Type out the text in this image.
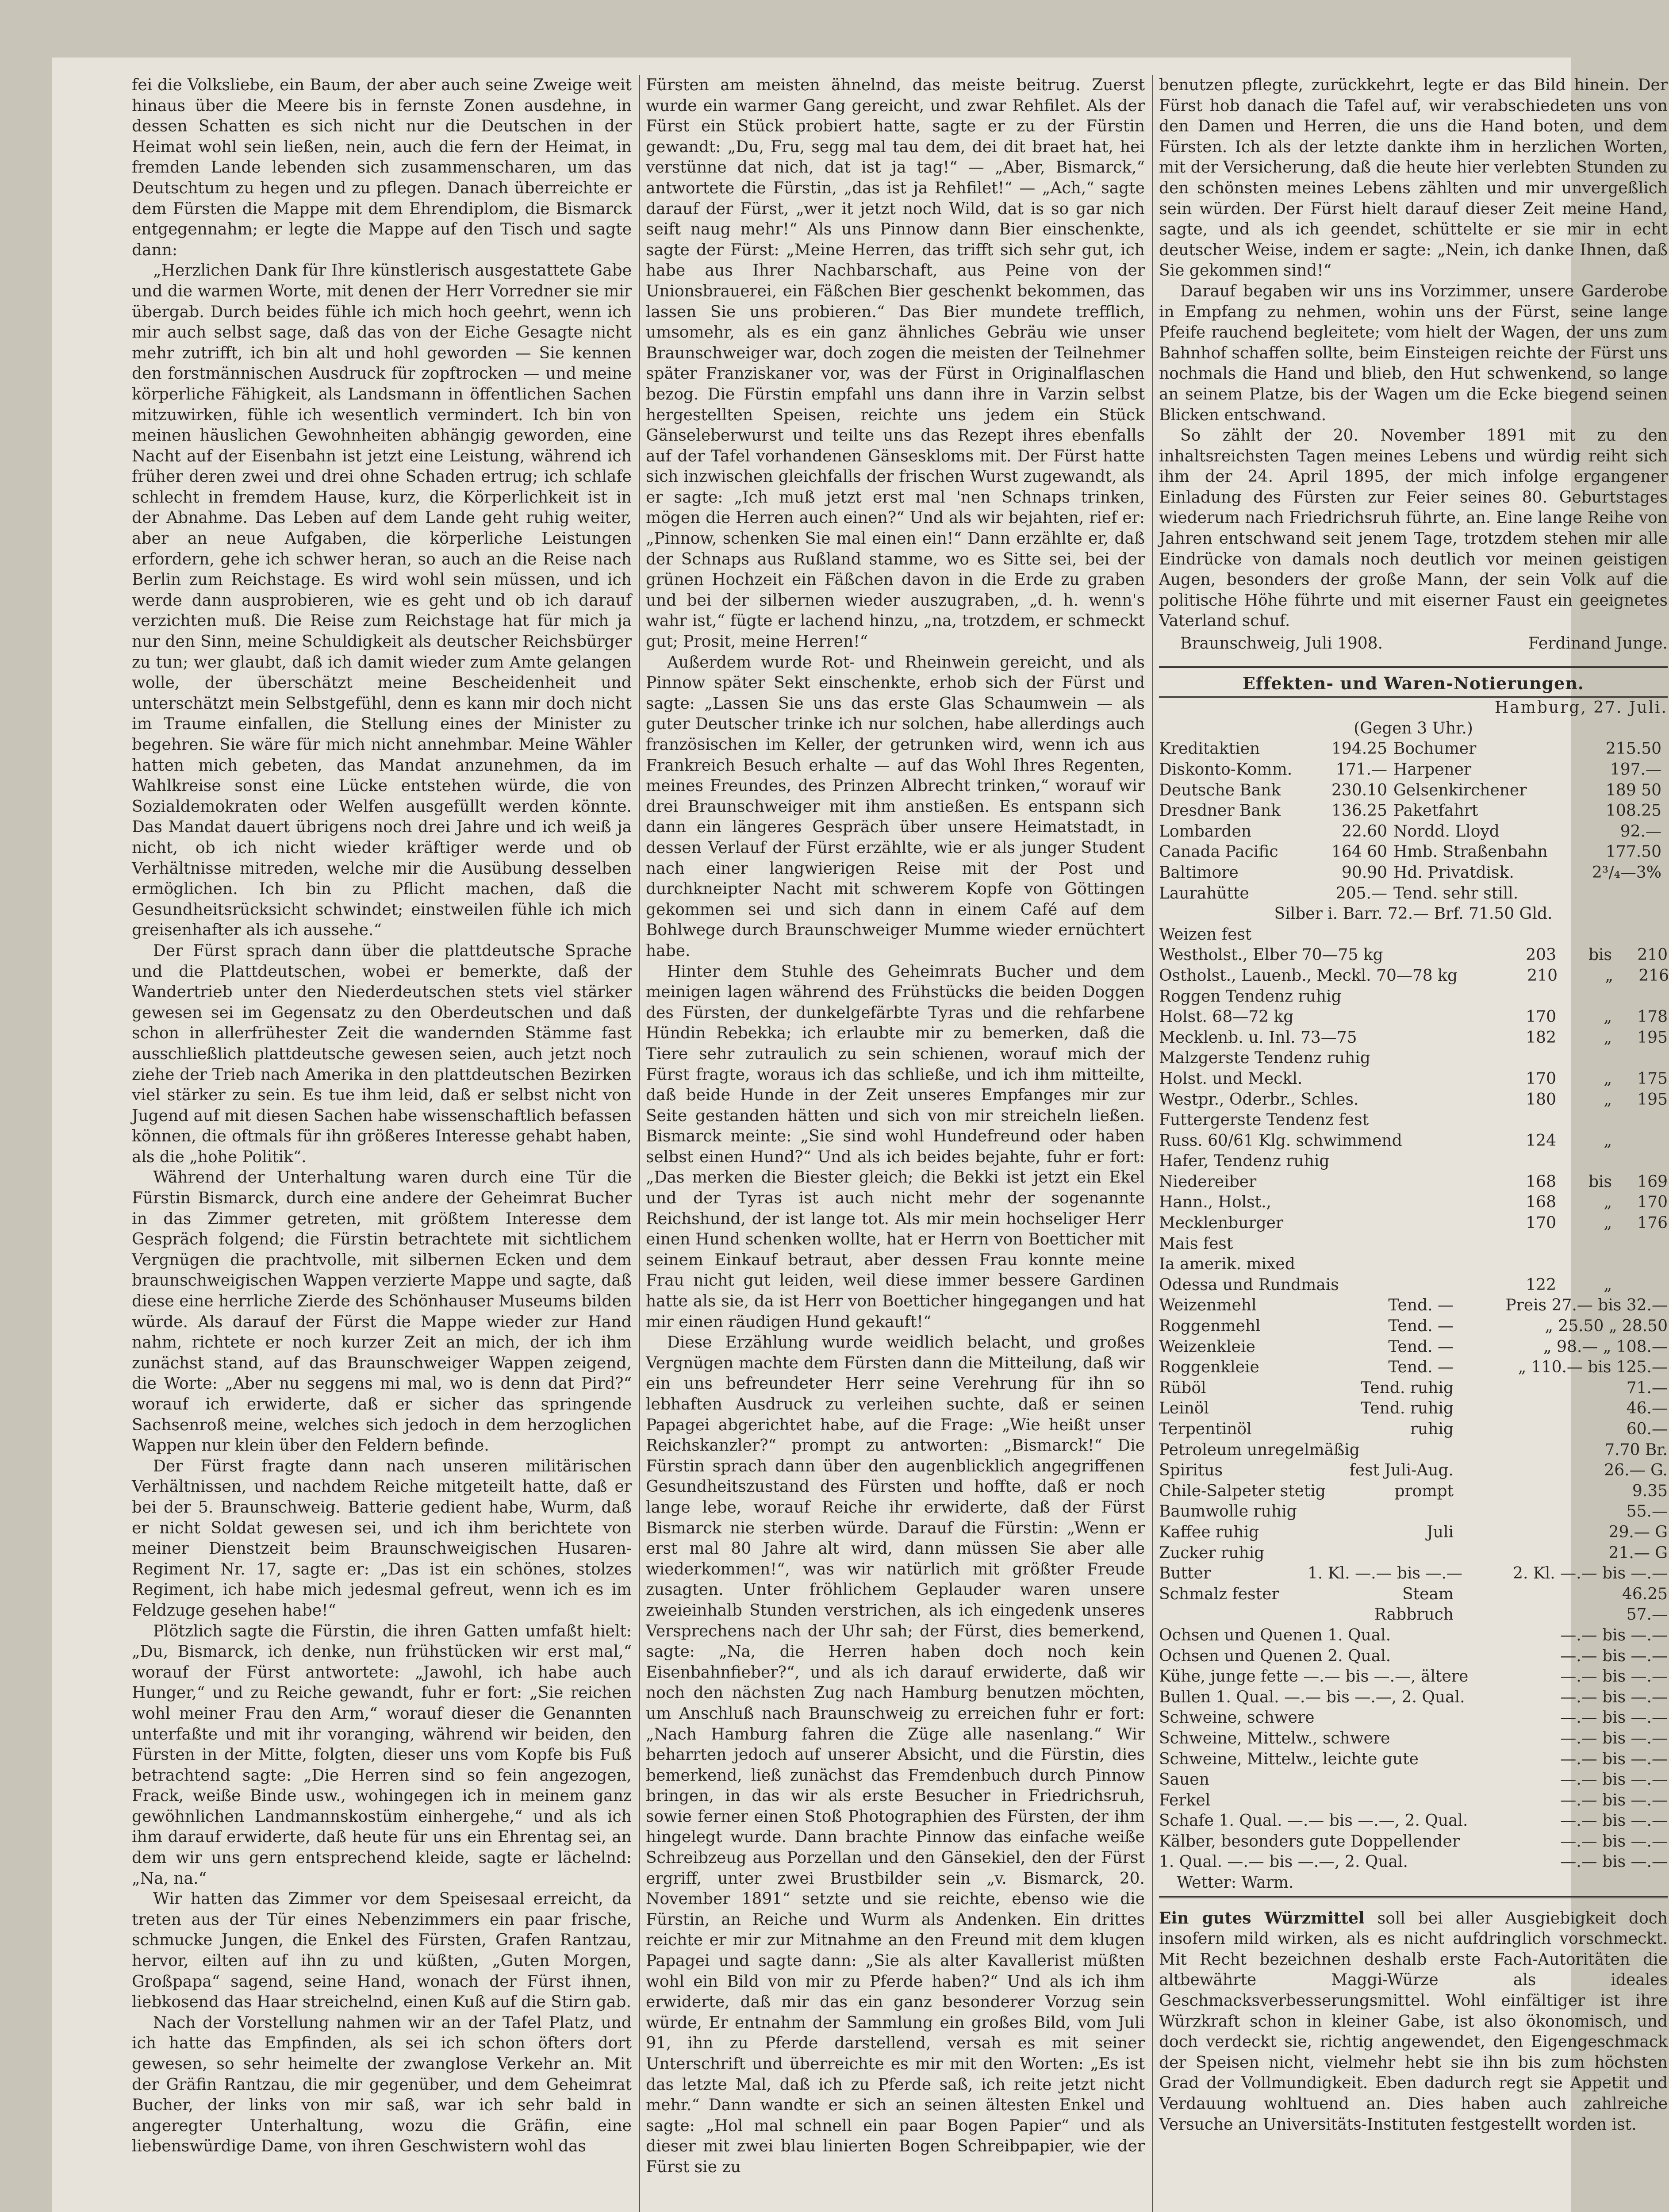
fei die Volksliebe, ein Baum, der aber auch seine Zweige weit hinaus über die Meere bis in fernste Zonen ausdehne, in dessen Schatten es sich nicht nur die Deutschen in der Heimat wohl sein ließen, nein, auch die fern der Heimat, in fremden Lande lebenden sich zusammenscharen, um das Deutschtum zu hegen und zu pflegen. Danach überreichte er dem Fürsten die Mappe mit dem Ehrendiplom, die Bismarck entgegennahm; er legte die Mappe auf den Tisch und sagte dann:

„Herzlichen Dank für Ihre künstlerisch ausgestattete Gabe und die warmen Worte, mit denen der Herr Vorredner sie mir übergab. Durch beides fühle ich mich hoch geehrt, wenn ich mir auch selbst sage, daß das von der Eiche Gesagte nicht mehr zutrifft, ich bin alt und hohl geworden — Sie kennen den forstmännischen Ausdruck für zopftrocken — und meine körperliche Fähigkeit, als Landsmann in öffentlichen Sachen mitzuwirken, fühle ich wesentlich vermindert. Ich bin von meinen häuslichen Gewohnheiten abhängig geworden, eine Nacht auf der Eisenbahn ist jetzt eine Leistung, während ich früher deren zwei und drei ohne Schaden ertrug; ich schlafe schlecht in fremdem Hause, kurz, die Körperlichkeit ist in der Abnahme. Das Leben auf dem Lande geht ruhig weiter, aber an neue Aufgaben, die körperliche Leistungen erfordern, gehe ich schwer heran, so auch an die Reise nach Berlin zum Reichstage. Es wird wohl sein müssen, und ich werde dann ausprobieren, wie es geht und ob ich darauf verzichten muß. Die Reise zum Reichstage hat für mich ja nur den Sinn, meine Schuldigkeit als deutscher Reichsbürger zu tun; wer glaubt, daß ich damit wieder zum Amte gelangen wolle, der überschätzt meine Bescheidenheit und unterschätzt mein Selbstgefühl, denn es kann mir doch nicht im Traume einfallen, die Stellung eines der Minister zu begehren. Sie wäre für mich nicht annehmbar. Meine Wähler hatten mich gebeten, das Mandat anzunehmen, da im Wahlkreise sonst eine Lücke entstehen würde, die von Sozialdemokraten oder Welfen ausgefüllt werden könnte. Das Mandat dauert übrigens noch drei Jahre und ich weiß ja nicht, ob ich nicht wieder kräftiger werde und ob Verhältnisse mitreden, welche mir die Ausübung desselben ermöglichen. Ich bin zu Pflicht machen, daß die Gesundheitsrücksicht schwindet; einstweilen fühle ich mich greisenhafter als ich aussehe.“

Der Fürst sprach dann über die plattdeutsche Sprache und die Plattdeutschen, wobei er bemerkte, daß der Wandertrieb unter den Niederdeutschen stets viel stärker gewesen sei im Gegensatz zu den Oberdeutschen und daß schon in allerfrühester Zeit die wandernden Stämme fast ausschließlich plattdeutsche gewesen seien, auch jetzt noch ziehe der Trieb nach Amerika in den plattdeutschen Bezirken viel stärker zu sein. Es tue ihm leid, daß er selbst nicht von Jugend auf mit diesen Sachen habe wissenschaftlich befassen können, die oftmals für ihn größeres Interesse gehabt haben, als die „hohe Politik“.

Während der Unterhaltung waren durch eine Tür die Fürstin Bismarck, durch eine andere der Geheimrat Bucher in das Zimmer getreten, mit größtem Interesse dem Gespräch folgend; die Fürstin betrachtete mit sichtlichem Vergnügen die prachtvolle, mit silbernen Ecken und dem braunschweigischen Wappen verzierte Mappe und sagte, daß diese eine herrliche Zierde des Schönhauser Museums bilden würde. Als darauf der Fürst die Mappe wieder zur Hand nahm, richtete er noch kurzer Zeit an mich, der ich ihm zunächst stand, auf das Braunschweiger Wappen zeigend, die Worte: „Aber nu seggens mi mal, wo is denn dat Pird?“ worauf ich erwiderte, daß er sicher das springende Sachsenroß meine, welches sich jedoch in dem herzoglichen Wappen nur klein über den Feldern befinde.

Der Fürst fragte dann nach unseren militärischen Verhältnissen, und nachdem Reiche mitgeteilt hatte, daß er bei der 5. Braunschweig. Batterie gedient habe, Wurm, daß er nicht Soldat gewesen sei, und ich ihm berichtete von meiner Dienstzeit beim Braunschweigischen Husaren-Regiment Nr. 17, sagte er: „Das ist ein schönes, stolzes Regiment, ich habe mich jedesmal gefreut, wenn ich es im Feldzuge gesehen habe!“

Plötzlich sagte die Fürstin, die ihren Gatten umfaßt hielt: „Du, Bismarck, ich denke, nun frühstücken wir erst mal,“ worauf der Fürst antwortete: „Jawohl, ich habe auch Hunger,“ und zu Reiche gewandt, fuhr er fort: „Sie reichen wohl meiner Frau den Arm,“ worauf dieser die Genannten unterfaßte und mit ihr voranging, während wir beiden, den Fürsten in der Mitte, folgten, dieser uns vom Kopfe bis Fuß betrachtend sagte: „Die Herren sind so fein angezogen, Frack, weiße Binde usw., wohingegen ich in meinem ganz gewöhnlichen Landmannskostüm einhergehe,“ und als ich ihm darauf erwiderte, daß heute für uns ein Ehrentag sei, an dem wir uns gern entsprechend kleide, sagte er lächelnd: „Na, na.“

Wir hatten das Zimmer vor dem Speisesaal erreicht, da treten aus der Tür eines Nebenzimmers ein paar frische, schmucke Jungen, die Enkel des Fürsten, Grafen Rantzau, hervor, eilten auf ihn zu und küßten, „Guten Morgen, Großpapa“ sagend, seine Hand, wonach der Fürst ihnen, liebkosend das Haar streichelnd, einen Kuß auf die Stirn gab.

Nach der Vorstellung nahmen wir an der Tafel Platz, und ich hatte das Empfinden, als sei ich schon öfters dort gewesen, so sehr heimelte der zwanglose Verkehr an. Mit der Gräfin Rantzau, die mir gegenüber, und dem Geheimrat Bucher, der links von mir saß, war ich sehr bald in angeregter Unterhaltung, wozu die Gräfin, eine liebenswürdige Dame, von ihren Geschwistern wohl das

Fürsten am meisten ähnelnd, das meiste beitrug. Zuerst wurde ein warmer Gang gereicht, und zwar Rehfilet. Als der Fürst ein Stück probiert hatte, sagte er zu der Fürstin gewandt: „Du, Fru, segg mal tau dem, dei dit braet hat, hei verstünne dat nich, dat ist ja tag!“ — „Aber, Bismarck,“ antwortete die Fürstin, „das ist ja Rehfilet!“ — „Ach,“ sagte darauf der Fürst, „wer it jetzt noch Wild, dat is so gar nich seift naug mehr!“ Als uns Pinnow dann Bier einschenkte, sagte der Fürst: „Meine Herren, das trifft sich sehr gut, ich habe aus Ihrer Nachbarschaft, aus Peine von der Unionsbrauerei, ein Fäßchen Bier geschenkt bekommen, das lassen Sie uns probieren.“ Das Bier mundete trefflich, umsomehr, als es ein ganz ähnliches Gebräu wie unser Braunschweiger war, doch zogen die meisten der Teilnehmer später Franziskaner vor, was der Fürst in Originalflaschen bezog. Die Fürstin empfahl uns dann ihre in Varzin selbst hergestellten Speisen, reichte uns jedem ein Stück Gänseleberwurst und teilte uns das Rezept ihres ebenfalls auf der Tafel vorhandenen Gänseskloms mit. Der Fürst hatte sich inzwischen gleichfalls der frischen Wurst zugewandt, als er sagte: „Ich muß jetzt erst mal 'nen Schnaps trinken, mögen die Herren auch einen?“ Und als wir bejahten, rief er: „Pinnow, schenken Sie mal einen ein!“ Dann erzählte er, daß der Schnaps aus Rußland stamme, wo es Sitte sei, bei der grünen Hochzeit ein Fäßchen davon in die Erde zu graben und bei der silbernen wieder auszugraben, „d. h. wenn's wahr ist,“ fügte er lachend hinzu, „na, trotzdem, er schmeckt gut; Prosit, meine Herren!“

Außerdem wurde Rot- und Rheinwein gereicht, und als Pinnow später Sekt einschenkte, erhob sich der Fürst und sagte: „Lassen Sie uns das erste Glas Schaumwein — als guter Deutscher trinke ich nur solchen, habe allerdings auch französischen im Keller, der getrunken wird, wenn ich aus Frankreich Besuch erhalte — auf das Wohl Ihres Regenten, meines Freundes, des Prinzen Albrecht trinken,“ worauf wir drei Braunschweiger mit ihm anstießen. Es entspann sich dann ein längeres Gespräch über unsere Heimatstadt, in dessen Verlauf der Fürst erzählte, wie er als junger Student nach einer langwierigen Reise mit der Post und durchkneipter Nacht mit schwerem Kopfe von Göttingen gekommen sei und sich dann in einem Café auf dem Bohlwege durch Braunschweiger Mumme wieder ernüchtert habe.

Hinter dem Stuhle des Geheimrats Bucher und dem meinigen lagen während des Frühstücks die beiden Doggen des Fürsten, der dunkelgefärbte Tyras und die rehfarbene Hündin Rebekka; ich erlaubte mir zu bemerken, daß die Tiere sehr zutraulich zu sein schienen, worauf mich der Fürst fragte, woraus ich das schließe, und ich ihm mitteilte, daß beide Hunde in der Zeit unseres Empfanges mir zur Seite gestanden hätten und sich von mir streicheln ließen. Bismarck meinte: „Sie sind wohl Hundefreund oder haben selbst einen Hund?“ Und als ich beides bejahte, fuhr er fort: „Das merken die Biester gleich; die Bekki ist jetzt ein Ekel und der Tyras ist auch nicht mehr der sogenannte Reichshund, der ist lange tot. Als mir mein hochseliger Herr einen Hund schenken wollte, hat er Herrn von Boetticher mit seinem Einkauf betraut, aber dessen Frau konnte meine Frau nicht gut leiden, weil diese immer bessere Gardinen hatte als sie, da ist Herr von Boetticher hingegangen und hat mir einen räudigen Hund gekauft!“

Diese Erzählung wurde weidlich belacht, und großes Vergnügen machte dem Fürsten dann die Mitteilung, daß wir ein uns befreundeter Herr seine Verehrung für ihn so lebhaften Ausdruck zu verleihen suchte, daß er seinen Papagei abgerichtet habe, auf die Frage: „Wie heißt unser Reichskanzler?“ prompt zu antworten: „Bismarck!“ Die Fürstin sprach dann über den augenblicklich angegriffenen Gesundheitszustand des Fürsten und hoffte, daß er noch lange lebe, worauf Reiche ihr erwiderte, daß der Fürst Bismarck nie sterben würde. Darauf die Fürstin: „Wenn er erst mal 80 Jahre alt wird, dann müssen Sie aber alle wiederkommen!“, was wir natürlich mit größter Freude zusagten. Unter fröhlichem Geplauder waren unsere zweieinhalb Stunden verstrichen, als ich eingedenk unseres Versprechens nach der Uhr sah; der Fürst, dies bemerkend, sagte: „Na, die Herren haben doch noch kein Eisenbahnfieber?“, und als ich darauf erwiderte, daß wir noch den nächsten Zug nach Hamburg benutzen möchten, um Anschluß nach Braunschweig zu erreichen fuhr er fort: „Nach Hamburg fahren die Züge alle nasenlang.“ Wir beharrten jedoch auf unserer Absicht, und die Fürstin, dies bemerkend, ließ zunächst das Fremdenbuch durch Pinnow bringen, in das wir als erste Besucher in Friedrichsruh, sowie ferner einen Stoß Photographien des Fürsten, der ihm hingelegt wurde. Dann brachte Pinnow das einfache weiße Schreibzeug aus Porzellan und den Gänsekiel, den der Fürst ergriff, unter zwei Brustbilder sein „v. Bismarck, 20. November 1891“ setzte und sie reichte, ebenso wie die Fürstin, an Reiche und Wurm als Andenken. Ein drittes reichte er mir zur Mitnahme an den Freund mit dem klugen Papagei und sagte dann: „Sie als alter Kavallerist müßten wohl ein Bild von mir zu Pferde haben?“ Und als ich ihm erwiderte, daß mir das ein ganz besonderer Vorzug sein würde, Er entnahm der Sammlung ein großes Bild, vom Juli 91, ihn zu Pferde darstellend, versah es mit seiner Unterschrift und überreichte es mir mit den Worten: „Es ist das letzte Mal, daß ich zu Pferde saß, ich reite jetzt nicht mehr.“ Dann wandte er sich an seinen ältesten Enkel und sagte: „Hol mal schnell ein paar Bogen Papier“ und als dieser mit zwei blau linierten Bogen Schreibpapier, wie der Fürst sie zu

benutzen pflegte, zurückkehrt, legte er das Bild hinein. Der Fürst hob danach die Tafel auf, wir verabschiedeten uns von den Damen und Herren, die uns die Hand boten, und dem Fürsten. Ich als der letzte dankte ihm in herzlichen Worten, mit der Versicherung, daß die heute hier verlebten Stunden zu den schönsten meines Lebens zählten und mir unvergeßlich sein würden. Der Fürst hielt darauf dieser Zeit meine Hand, sagte, und als ich geendet, schüttelte er sie mir in echt deutscher Weise, indem er sagte: „Nein, ich danke Ihnen, daß Sie gekommen sind!“

Darauf begaben wir uns ins Vorzimmer, unsere Garderobe in Empfang zu nehmen, wohin uns der Fürst, seine lange Pfeife rauchend begleitete; vom hielt der Wagen, der uns zum Bahnhof schaffen sollte, beim Einsteigen reichte der Fürst uns nochmals die Hand und blieb, den Hut schwenkend, so lange an seinem Platze, bis der Wagen um die Ecke biegend seinen Blicken entschwand.

So zählt der 20. November 1891 mit zu den inhaltsreichsten Tagen meines Lebens und würdig reiht sich ihm der 24. April 1895, der mich infolge ergangener Einladung des Fürsten zur Feier seines 80. Geburtstages wiederum nach Friedrichsruh führte, an. Eine lange Reihe von Jahren entschwand seit jenem Tage, trotzdem stehen mir alle Eindrücke von damals noch deutlich vor meinen geistigen Augen, besonders der große Mann, der sein Volk auf die politische Höhe führte und mit eiserner Faust ein geeignetes Vaterland schuf.

Braunschweig, Juli 1908.	Ferdinand Junge.
Effekten- und Waren-Notierungen.
Hamburg, 27. Juli.
(Gegen 3 Uhr.)
Kreditaktien	194.25 Bochumer	215.50
Diskonto-Komm.	171.— Harpener	197.—
Deutsche Bank	230.10 Gelsenkirchener	189 50
Dresdner Bank	136.25 Paketfahrt	108.25
Lombarden	22.60 Nordd. Lloyd	92.—
Canada Pacific	164 60 Hmb. Straßenbahn	177.50
Baltimore	90.90 Hd. Privatdisk.	2³/₄—3%
Laurahütte	205.— Tend. sehr still.
Silber i. Barr. 72.— Brf. 71.50 Gld.
Weizen fest
Westholst., Elber 70—75 kg	203	bis	210
Ostholst., Lauenb., Meckl. 70—78 kg	210	„	216
Roggen Tendenz ruhig
Holst. 68—72 kg	170	„	178
Mecklenb. u. Inl. 73—75	182	„	195
Malzgerste Tendenz ruhig
Holst. und Meckl.	170	„	175
Westpr., Oderbr., Schles.	180	„	195
Futtergerste Tendenz fest
Russ. 60/61 Klg. schwimmend	124	„
Hafer, Tendenz ruhig
Niedereiber	168	bis	169
Hann., Holst.,	168	„	170
Mecklenburger	170	„	176
Mais fest
Ia amerik. mixed
Odessa und Rundmais	122	„
Weizenmehl	Tend. —	Preis 27.— bis 32.—
Roggenmehl	Tend. —	„ 25.50 „ 28.50
Weizenkleie	Tend. —	„ 98.— „ 108.—
Roggenkleie	Tend. —	„ 110.— bis 125.—
Rüböl	Tend. ruhig	71.—
Leinöl	Tend. ruhig	46.—
Terpentinöl	ruhig	60.—
Petroleum unregelmäßig	7.70 Br.
Spiritus	fest Juli-Aug.	26.— G.
Chile-Salpeter stetig	prompt	9.35
Baumwolle ruhig	55.—
Kaffee ruhig	Juli	29.— G
Zucker ruhig	21.— G
Butter	1. Kl. —.— bis —.—	2. Kl. —.— bis —.—
Schmalz fester	Steam	46.25
Rabbruch	57.—
Ochsen und Quenen 1. Qual.	—.— bis —.—
Ochsen und Quenen 2. Qual.	—.— bis —.—
Kühe, junge fette —.— bis —.—, ältere	—.— bis —.—
Bullen 1. Qual. —.— bis —.—, 2. Qual.	—.— bis —.—
Schweine, schwere	—.— bis —.—
Schweine, Mittelw., schwere	—.— bis —.—
Schweine, Mittelw., leichte gute	—.— bis —.—
Sauen	—.— bis —.—
Ferkel	—.— bis —.—
Schafe 1. Qual. —.— bis —.—, 2. Qual.	—.— bis —.—
Kälber, besonders gute Doppellender	—.— bis —.—
1. Qual. —.— bis —.—, 2. Qual.	—.— bis —.—
Wetter: Warm.

Ein gutes Würzmittel soll bei aller Ausgiebigkeit doch insofern mild wirken, als es nicht aufdringlich vorschmeckt. Mit Recht bezeichnen deshalb erste Fach-Autoritäten die altbewährte Maggi-Würze als ideales Geschmacksverbesserungsmittel. Wohl einfältiger ist ihre Würzkraft schon in kleiner Gabe, ist also ökonomisch, und doch verdeckt sie, richtig angewendet, den Eigengeschmack der Speisen nicht, vielmehr hebt sie ihn bis zum höchsten Grad der Vollmundigkeit. Eben dadurch regt sie Appetit und Verdauung wohltuend an. Dies haben auch zahlreiche Versuche an Universitäts-Instituten festgestellt worden ist.
